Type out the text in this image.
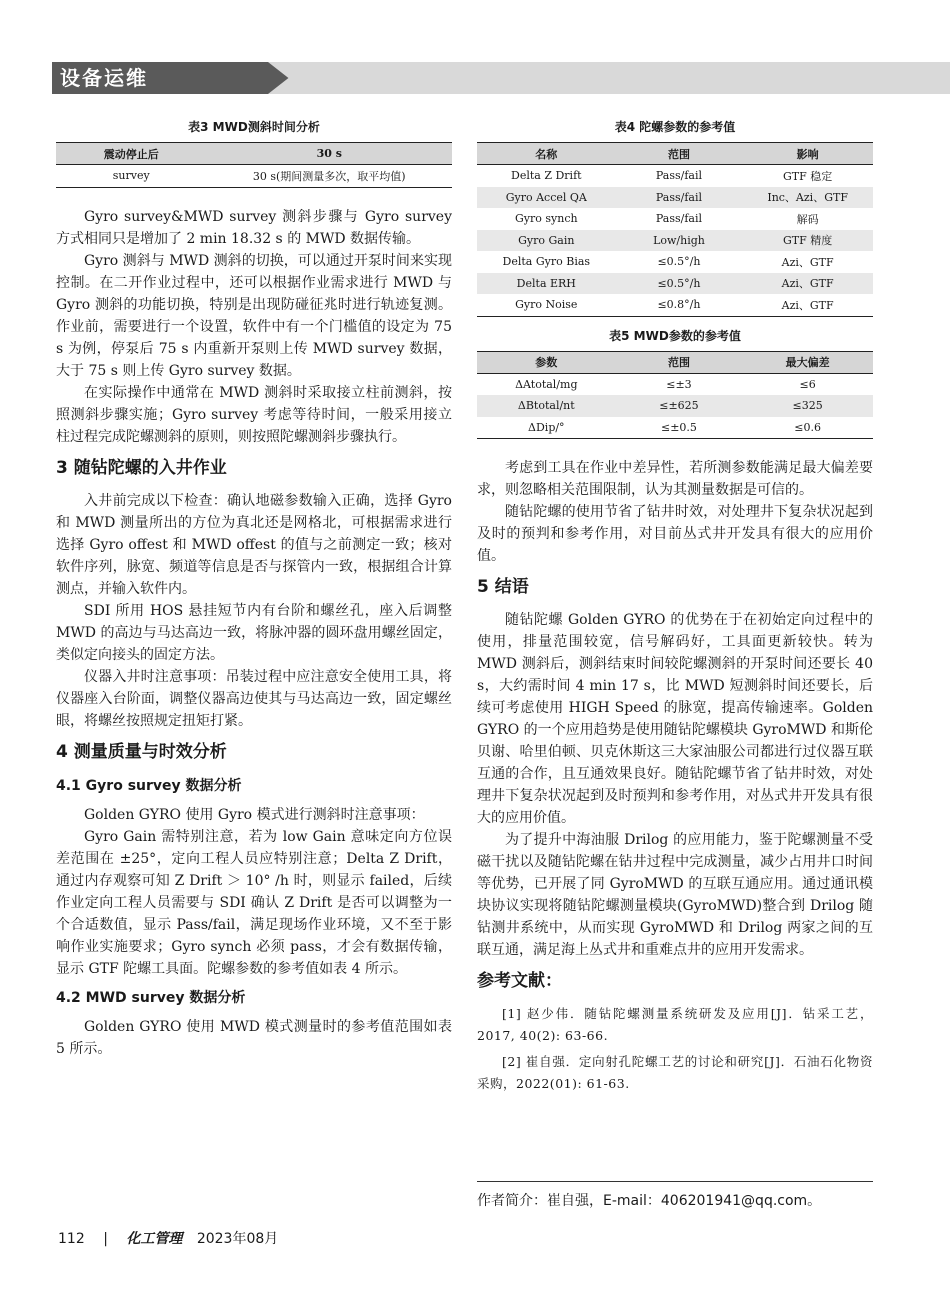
设备运维
表3 MWD测斜时间分析
震动停止后	30 s
survey	30 s(期间测量多次，取平均值)

Gyro survey&MWD survey 测斜步骤与 Gyro survey 方式相同只是增加了 2 min 18.32 s 的 MWD 数据传输。

Gyro 测斜与 MWD 测斜的切换，可以通过开泵时间来实现控制。在二开作业过程中，还可以根据作业需求进行 MWD 与 Gyro 测斜的功能切换，特别是出现防碰征兆时进行轨迹复测。作业前，需要进行一个设置，软件中有一个门槛值的设定为 75 s 为例，停泵后 75 s 内重新开泵则上传 MWD survey 数据，大于 75 s 则上传 Gyro survey 数据。

在实际操作中通常在 MWD 测斜时采取接立柱前测斜，按照测斜步骤实施；Gyro survey 考虑等待时间，一般采用接立柱过程完成陀螺测斜的原则，则按照陀螺测斜步骤执行。

3 随钻陀螺的入井作业

入井前完成以下检查：确认地磁参数输入正确，选择 Gyro 和 MWD 测量所出的方位为真北还是网格北，可根据需求进行选择 Gyro offest 和 MWD offest 的值与之前测定一致；核对软件序列，脉宽、频道等信息是否与探管内一致，根据组合计算测点，并输入软件内。

SDI 所用 HOS 悬挂短节内有台阶和螺丝孔，座入后调整 MWD 的高边与马达高边一致，将脉冲器的圆环盘用螺丝固定，类似定向接头的固定方法。

仪器入井时注意事项：吊装过程中应注意安全使用工具，将仪器座入台阶面，调整仪器高边使其与马达高边一致，固定螺丝眼，将螺丝按照规定扭矩打紧。

4 测量质量与时效分析
4.1 Gyro survey 数据分析

Golden GYRO 使用 Gyro 模式进行测斜时注意事项：

Gyro Gain 需特别注意，若为 low Gain 意味定向方位误差范围在 ±25°，定向工程人员应特别注意；Delta Z Drift，通过内存观察可知 Z Drift ＞ 10° /h 时，则显示 failed，后续作业定向工程人员需要与 SDI 确认 Z Drift 是否可以调整为一个合适数值，显示 Pass/fail，满足现场作业环境，又不至于影响作业实施要求；Gyro synch 必须 pass，才会有数据传输，显示 GTF 陀螺工具面。陀螺参数的参考值如表 4 所示。

4.2 MWD survey 数据分析

Golden GYRO 使用 MWD 模式测量时的参考值范围如表 5 所示。

表4 陀螺参数的参考值
名称	范围	影响
Delta Z Drift	Pass/fail	GTF 稳定
Gyro Accel QA	Pass/fail	Inc、Azi、GTF
Gyro synch	Pass/fail	解码
Gyro Gain	Low/high	GTF 精度
Delta Gyro Bias	≤0.5°/h	Azi、GTF
Delta ERH	≤0.5°/h	Azi、GTF
Gyro Noise	≤0.8°/h	Azi、GTF
表5 MWD参数的参考值
参数	范围	最大偏差
ΔAtotal/mg	≤±3	≤6
ΔBtotal/nt	≤±625	≤325
ΔDip/°	≤±0.5	≤0.6

考虑到工具在作业中差异性，若所测参数能满足最大偏差要求，则忽略相关范围限制，认为其测量数据是可信的。

随钻陀螺的使用节省了钻井时效，对处理井下复杂状况起到及时的预判和参考作用，对目前丛式井开发具有很大的应用价值。

5 结语

随钻陀螺 Golden GYRO 的优势在于在初始定向过程中的使用，排量范围较宽，信号解码好，工具面更新较快。转为 MWD 测斜后，测斜结束时间较陀螺测斜的开泵时间还要长 40 s，大约需时间 4 min 17 s，比 MWD 短测斜时间还要长，后续可考虑使用 HIGH Speed 的脉宽，提高传输速率。Golden GYRO 的一个应用趋势是使用随钻陀螺模块 GyroMWD 和斯伦贝谢、哈里伯顿、贝克休斯这三大家油服公司都进行过仪器互联互通的合作，且互通效果良好。随钻陀螺节省了钻井时效，对处理井下复杂状况起到及时预判和参考作用，对丛式井开发具有很大的应用价值。

为了提升中海油服 Drilog 的应用能力，鉴于陀螺测量不受磁干扰以及随钻陀螺在钻井过程中完成测量，减少占用井口时间等优势，已开展了同 GyroMWD 的互联互通应用。通过通讯模块协议实现将随钻陀螺测量模块(GyroMWD)整合到 Drilog 随钻测井系统中，从而实现 GyroMWD 和 Drilog 两家之间的互联互通，满足海上丛式井和重难点井的应用开发需求。

参考文献：

[1] 赵少伟．随钻陀螺测量系统研发及应用[J]．钻采工艺，2017, 40(2): 63-66.

[2] 崔自强．定向射孔陀螺工艺的讨论和研究[J]．石油石化物资采购，2022(01): 61-63.

作者简介：崔自强，E-mail：406201941@qq.com。
112 | 化工管理 2023年08月
